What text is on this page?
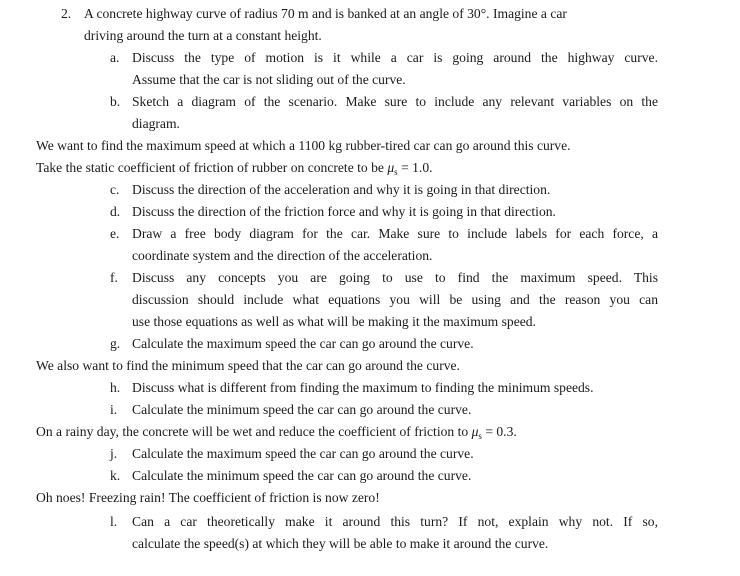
2. A concrete highway curve of radius 70 m and is banked at an angle of 30°. Imagine a car
driving around the turn at a constant height.
a. Discuss the type of motion is it while a car is going around the highway curve.
Assume that the car is not sliding out of the curve.
b. Sketch a diagram of the scenario. Make sure to include any relevant variables on the
diagram.
We want to find the maximum speed at which a 1100 kg rubber-tired car can go around this curve.
Take the static coefficient of friction of rubber on concrete to be $\mu_s = 1.0$.
c. Discuss the direction of the acceleration and why it is going in that direction.
d. Discuss the direction of the friction force and why it is going in that direction.
e. Draw a free body diagram for the car. Make sure to include labels for each force, a
coordinate system and the direction of the acceleration.
f. Discuss any concepts you are going to use to find the maximum speed. This
discussion should include what equations you will be using and the reason you can
use those equations as well as what will be making it the maximum speed.
g. Calculate the maximum speed the car can go around the curve.
We also want to find the minimum speed that the car can go around the curve.
h. Discuss what is different from finding the maximum to finding the minimum speeds.
i. Calculate the minimum speed the car can go around the curve.
On a rainy day, the concrete will be wet and reduce the coefficient of friction to $\mu_s = 0.3$.
j. Calculate the maximum speed the car can go around the curve.
k. Calculate the minimum speed the car can go around the curve.
Oh noes! Freezing rain! The coefficient of friction is now zero!
l. Can a car theoretically make it around this turn? If not, explain why not. If so,
calculate the speed(s) at which they will be able to make it around the curve.
